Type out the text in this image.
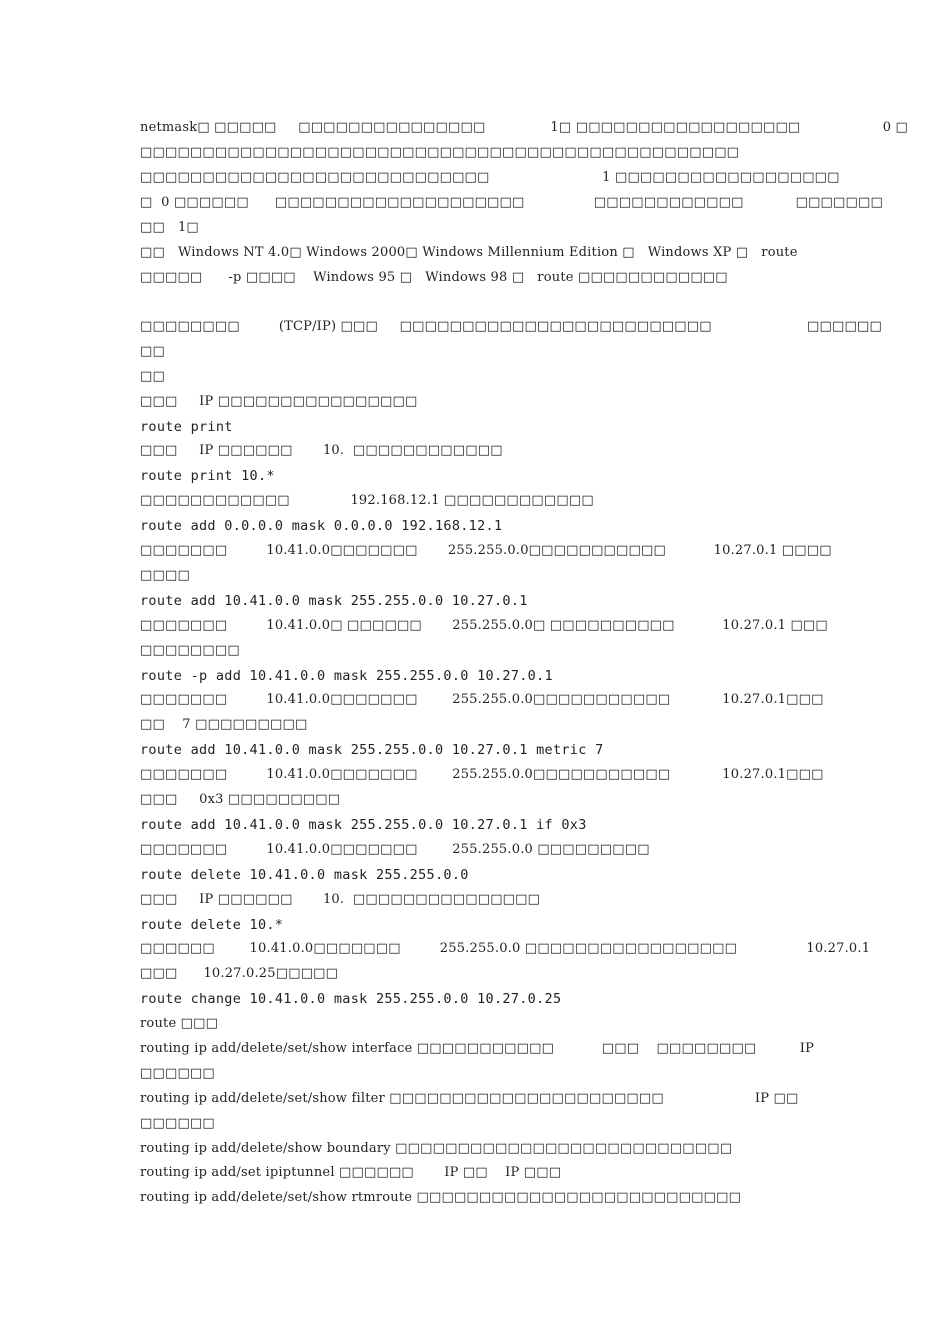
netmask□ □□□□□     □□□□□□□□□□□□□□□               1□ □□□□□□□□□□□□□□□□□□                   0 □
□□□□□□□□□□□□□□□□□□□□□□□□□□□□□□□□□□□□□□□□□□□□□□□□
□□□□□□□□□□□□□□□□□□□□□□□□□□□□                          1 □□□□□□□□□□□□□□□□□□
□  0 □□□□□□      □□□□□□□□□□□□□□□□□□□□                □□□□□□□□□□□□            □□□□□□□
□□   1□
□□   Windows NT 4.0□ Windows 2000□ Windows Millennium Edition □   Windows XP □   route
□□□□□      -p □□□□    Windows 95 □   Windows 98 □   route □□□□□□□□□□□□
□□□□□□□□         (TCP/IP) □□□     □□□□□□□□□□□□□□□□□□□□□□□□□                      □□□□□□
□□
□□
□□□     IP □□□□□□□□□□□□□□□□
route print
□□□     IP □□□□□□       10.  □□□□□□□□□□□□
route print 10.*
□□□□□□□□□□□□              192.168.12.1 □□□□□□□□□□□□
route add 0.0.0.0 mask 0.0.0.0 192.168.12.1
□□□□□□□         10.41.0.0□□□□□□□       255.255.0.0□□□□□□□□□□□           10.27.0.1 □□□□
□□□□
route add 10.41.0.0 mask 255.255.0.0 10.27.0.1
□□□□□□□         10.41.0.0□ □□□□□□       255.255.0.0□ □□□□□□□□□□           10.27.0.1 □□□
□□□□□□□□
route -p add 10.41.0.0 mask 255.255.0.0 10.27.0.1
□□□□□□□         10.41.0.0□□□□□□□        255.255.0.0□□□□□□□□□□□            10.27.0.1□□□
□□    7 □□□□□□□□□
route add 10.41.0.0 mask 255.255.0.0 10.27.0.1 metric 7
□□□□□□□         10.41.0.0□□□□□□□        255.255.0.0□□□□□□□□□□□            10.27.0.1□□□
□□□     0x3 □□□□□□□□□
route add 10.41.0.0 mask 255.255.0.0 10.27.0.1 if 0x3
□□□□□□□         10.41.0.0□□□□□□□        255.255.0.0 □□□□□□□□□
route delete 10.41.0.0 mask 255.255.0.0
□□□     IP □□□□□□       10.  □□□□□□□□□□□□□□□
route delete 10.*
□□□□□□        10.41.0.0□□□□□□□         255.255.0.0 □□□□□□□□□□□□□□□□□                10.27.0.1
□□□      10.27.0.25□□□□□
route change 10.41.0.0 mask 255.255.0.0 10.27.0.25
route □□□
routing ip add/delete/set/show interface □□□□□□□□□□□           □□□    □□□□□□□□          IP
□□□□□□
routing ip add/delete/set/show filter □□□□□□□□□□□□□□□□□□□□□□                     IP □□
□□□□□□
routing ip add/delete/show boundary □□□□□□□□□□□□□□□□□□□□□□□□□□□
routing ip add/set ipiptunnel □□□□□□       IP □□    IP □□□
routing ip add/delete/set/show rtmroute □□□□□□□□□□□□□□□□□□□□□□□□□□
